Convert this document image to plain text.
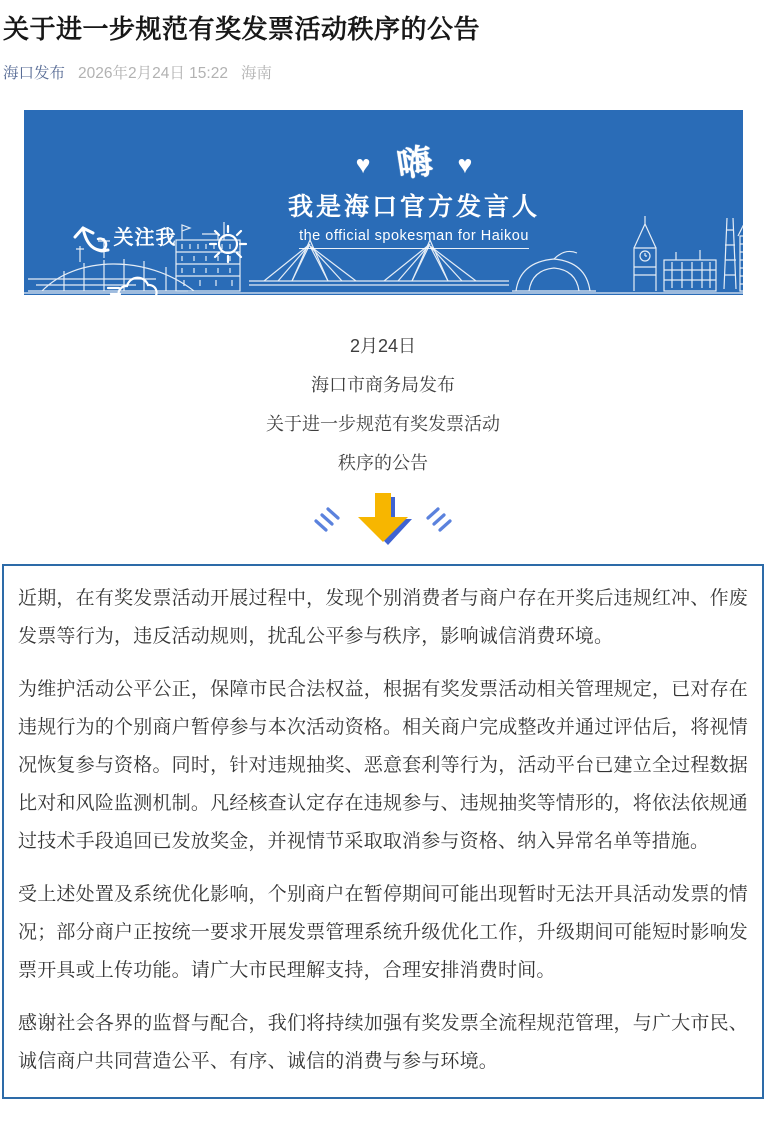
关于进一步规范有奖发票活动秩序的公告
海口发布 2026年2月24日 15:22 海南
关注我
♥ 嗨 ♥
我是海口官方发言人
the official spokesman for Haikou
2月24日
海口市商务局发布
关于进一步规范有奖发票活动
秩序的公告

近期，在有奖发票活动开展过程中，发现个别消费者与商户存在开奖后违规红冲、作废发票等行为，违反活动规则，扰乱公平参与秩序，影响诚信消费环境。

为维护活动公平公正，保障市民合法权益，根据有奖发票活动相关管理规定，已对存在违规行为的个别商户暂停参与本次活动资格。相关商户完成整改并通过评估后，将视情况恢复参与资格。同时，针对违规抽奖、恶意套利等行为，活动平台已建立全过程数据比对和风险监测机制。凡经核查认定存在违规参与、违规抽奖等情形的，将依法依规通过技术手段追回已发放奖金，并视情节采取取消参与资格、纳入异常名单等措施。

受上述处置及系统优化影响，个别商户在暂停期间可能出现暂时无法开具活动发票的情况；部分商户正按统一要求开展发票管理系统升级优化工作，升级期间可能短时影响发票开具或上传功能。请广大市民理解支持，合理安排消费时间。

感谢社会各界的监督与配合，我们将持续加强有奖发票全流程规范管理，与广大市民、诚信商户共同营造公平、有序、诚信的消费与参与环境。
